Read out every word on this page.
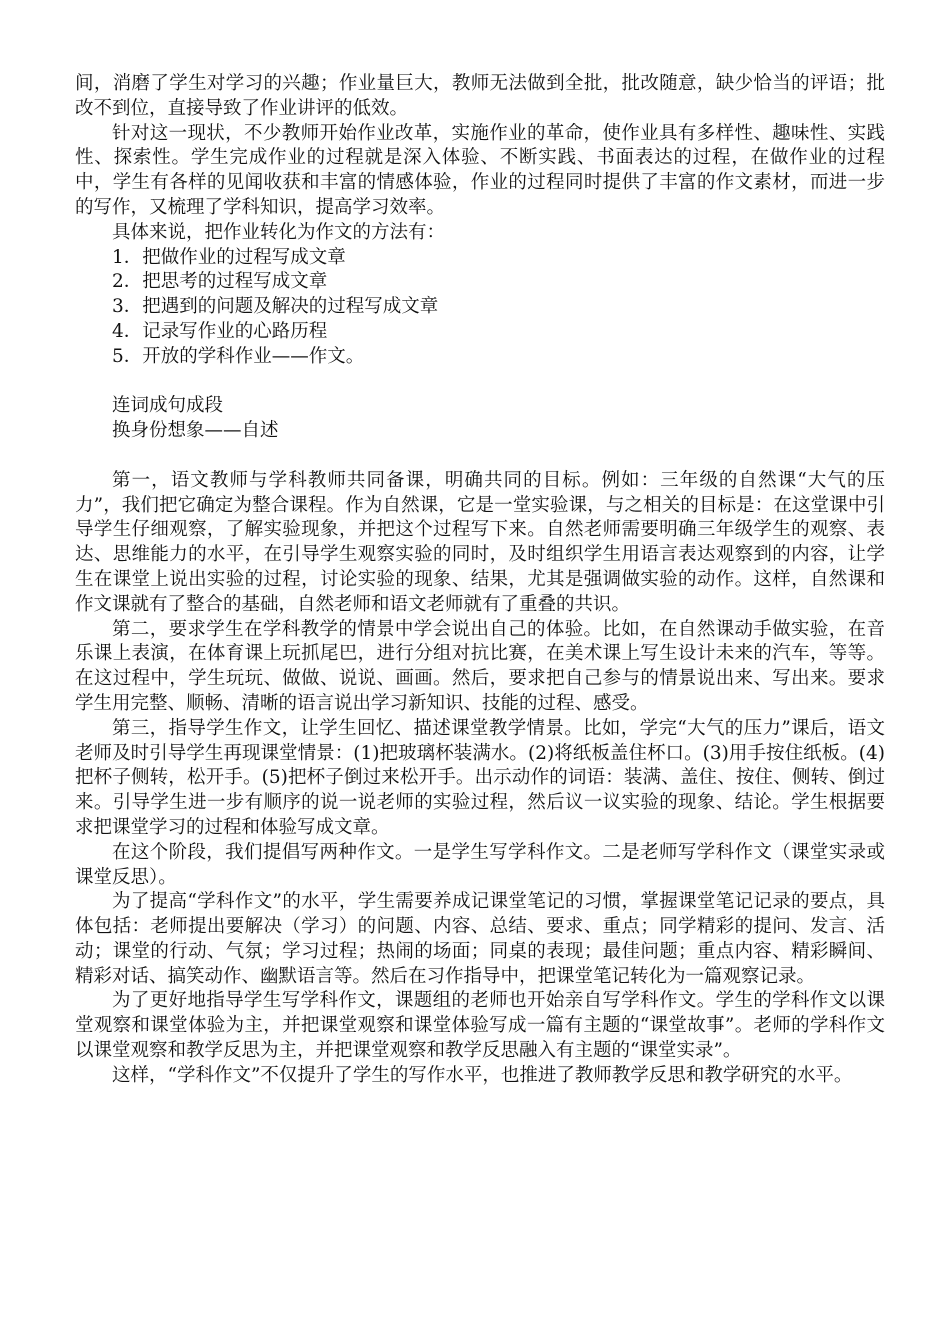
间，消磨了学生对学习的兴趣；作业量巨大，教师无法做到全批，批改随意，缺少恰当的评语；批改不到位，直接导致了作业讲评的低效。

针对这一现状，不少教师开始作业改革，实施作业的革命，使作业具有多样性、趣味性、实践性、探索性。学生完成作业的过程就是深入体验、不断实践、书面表达的过程，在做作业的过程中，学生有各样的见闻收获和丰富的情感体验，作业的过程同时提供了丰富的作文素材，而进一步的写作，又梳理了学科知识，提高学习效率。

具体来说，把作业转化为作文的方法有：

1．把做作业的过程写成文章

2．把思考的过程写成文章

3．把遇到的问题及解决的过程写成文章

4．记录写作业的心路历程

5．开放的学科作业——作文。

连词成句成段

换身份想象——自述

第一，语文教师与学科教师共同备课，明确共同的目标。例如：三年级的自然课“大气的压力”，我们把它确定为整合课程。作为自然课，它是一堂实验课，与之相关的目标是：在这堂课中引导学生仔细观察，了解实验现象，并把这个过程写下来。自然老师需要明确三年级学生的观察、表达、思维能力的水平，在引导学生观察实验的同时，及时组织学生用语言表达观察到的内容，让学生在课堂上说出实验的过程，讨论实验的现象、结果，尤其是强调做实验的动作。这样，自然课和作文课就有了整合的基础，自然老师和语文老师就有了重叠的共识。

第二，要求学生在学科教学的情景中学会说出自己的体验。比如，在自然课动手做实验，在音乐课上表演，在体育课上玩抓尾巴，进行分组对抗比赛，在美术课上写生设计未来的汽车，等等。在这过程中，学生玩玩、做做、说说、画画。然后，要求把自己参与的情景说出来、写出来。要求学生用完整、顺畅、清晰的语言说出学习新知识、技能的过程、感受。

第三，指导学生作文，让学生回忆、描述课堂教学情景。比如，学完“大气的压力”课后，语文老师及时引导学生再现课堂情景：(1)把玻璃杯装满水。(2)将纸板盖住杯口。(3)用手按住纸板。(4)把杯子侧转，松开手。(5)把杯子倒过来松开手。出示动作的词语：装满、盖住、按住、侧转、倒过来。引导学生进一步有顺序的说一说老师的实验过程，然后议一议实验的现象、结论。学生根据要求把课堂学习的过程和体验写成文章。

在这个阶段，我们提倡写两种作文。一是学生写学科作文。二是老师写学科作文（课堂实录或课堂反思）。

为了提高“学科作文”的水平，学生需要养成记课堂笔记的习惯，掌握课堂笔记记录的要点，具体包括：老师提出要解决（学习）的问题、内容、总结、要求、重点；同学精彩的提问、发言、活动；课堂的行动、气氛；学习过程；热闹的场面；同桌的表现；最佳问题；重点内容、精彩瞬间、精彩对话、搞笑动作、幽默语言等。然后在习作指导中，把课堂笔记转化为一篇观察记录。

为了更好地指导学生写学科作文，课题组的老师也开始亲自写学科作文。学生的学科作文以课堂观察和课堂体验为主，并把课堂观察和课堂体验写成一篇有主题的“课堂故事”。老师的学科作文以课堂观察和教学反思为主，并把课堂观察和教学反思融入有主题的“课堂实录”。

这样，“学科作文”不仅提升了学生的写作水平，也推进了教师教学反思和教学研究的水平。
